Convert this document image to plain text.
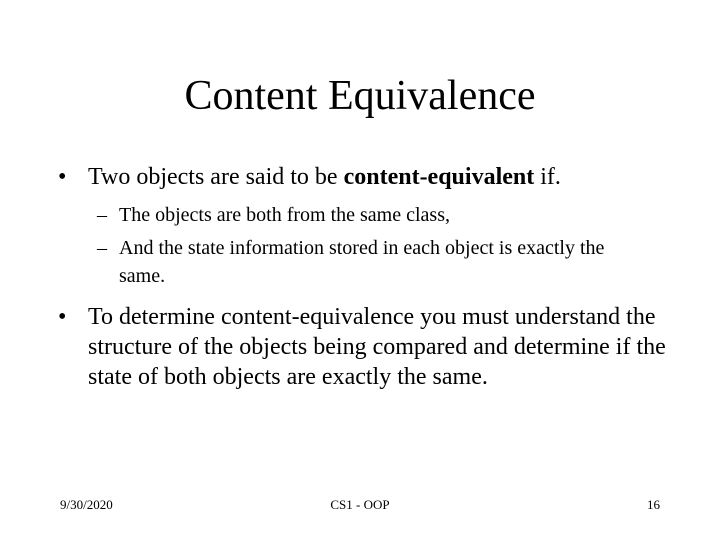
Content Equivalence
• Two objects are said to be content-equivalent if.
– The objects are both from the same class,
– And the state information stored in each object is exactly the same.
• To determine content-equivalence you must understand the structure of the objects being compared and determine if the state of both objects are exactly the same.
9/30/2020	CS1 - OOP	16
